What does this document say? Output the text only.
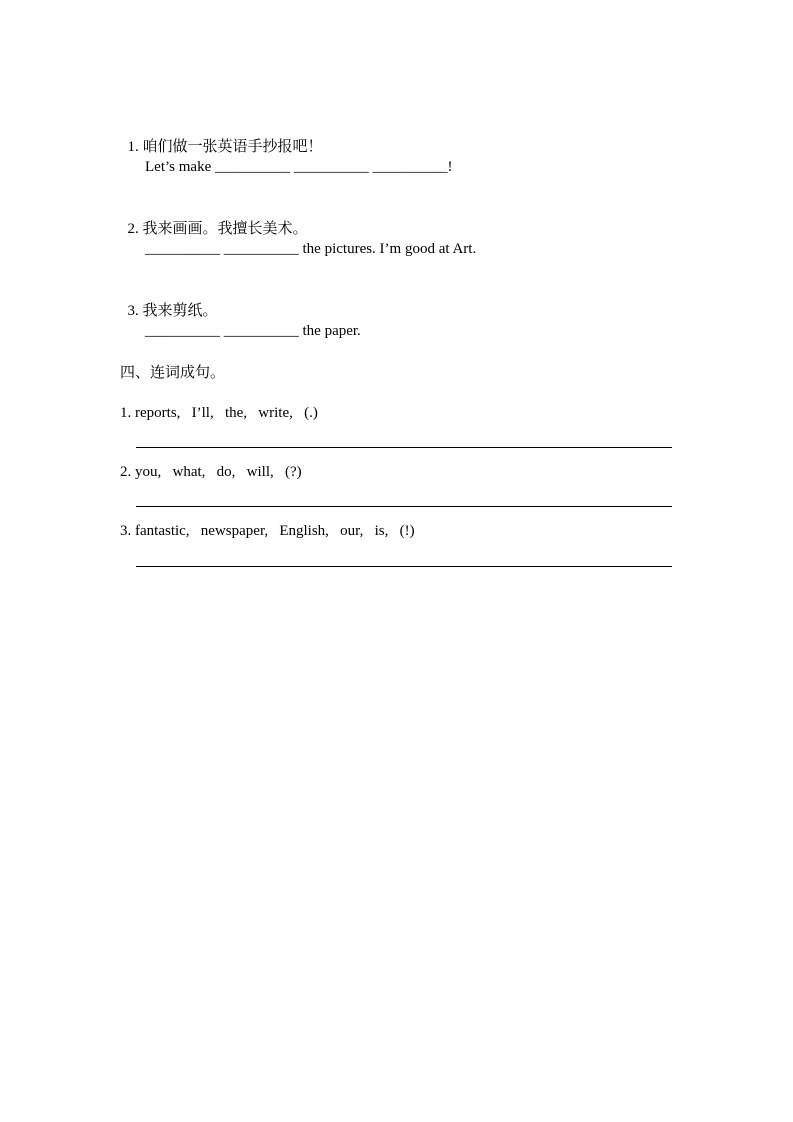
1. 咱们做一张英语手抄报吧！

Let’s make __________ __________ __________!

2. 我来画画。我擅长美术。

__________ __________ the pictures. I’m good at Art.

3. 我来剪纸。

__________ __________ the paper.
四、连词成句。
1. reports,   I’ll,   the,   write,   (.)
2. you,   what,   do,   will,   (?)
3. fantastic,   newspaper,   English,   our,   is,   (!)
